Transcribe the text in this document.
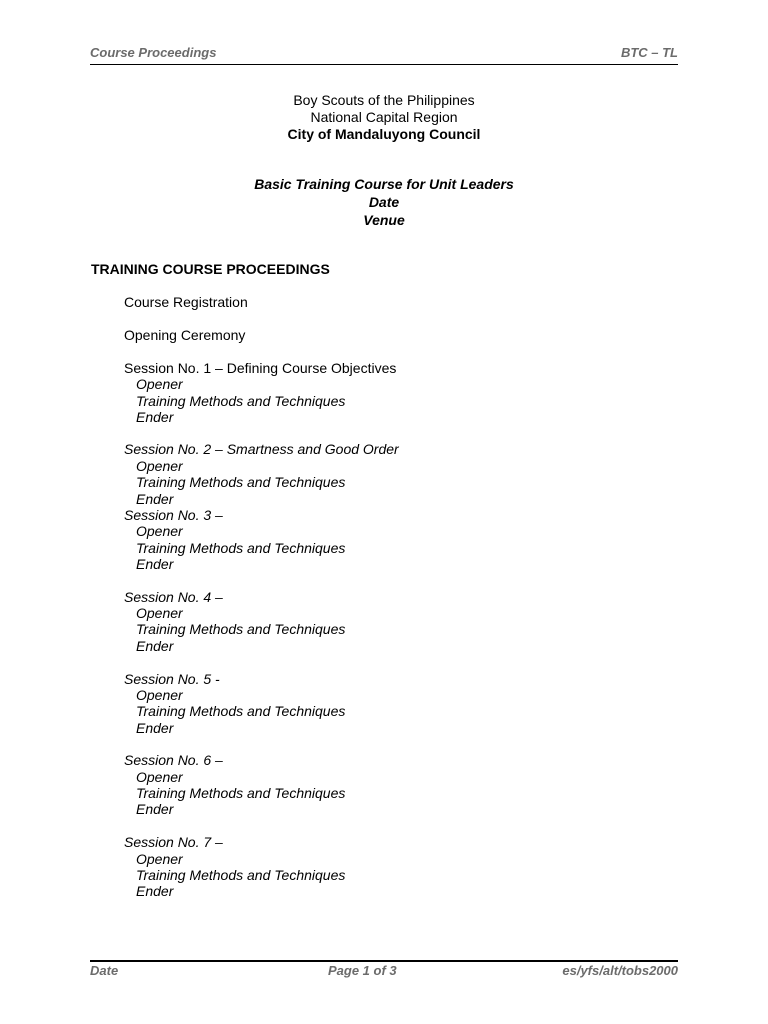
Course Proceedings	BTC – TL
Boy Scouts of the Philippines
National Capital Region
City of Mandaluyong Council
Basic Training Course for Unit Leaders
Date
Venue
TRAINING COURSE PROCEEDINGS
Course Registration
Opening Ceremony
Session No. 1 – Defining Course Objectives
Opener
Training Methods and Techniques
Ender
Session No. 2 – Smartness and Good Order
Opener
Training Methods and Techniques
Ender
Session No. 3 –
Opener
Training Methods and Techniques
Ender
Session No. 4 –
Opener
Training Methods and Techniques
Ender
Session No. 5 -
Opener
Training Methods and Techniques
Ender
Session No. 6 –
Opener
Training Methods and Techniques
Ender
Session No. 7 –
Opener
Training Methods and Techniques
Ender
Date	Page 1 of 3	es/yfs/alt/tobs2000
